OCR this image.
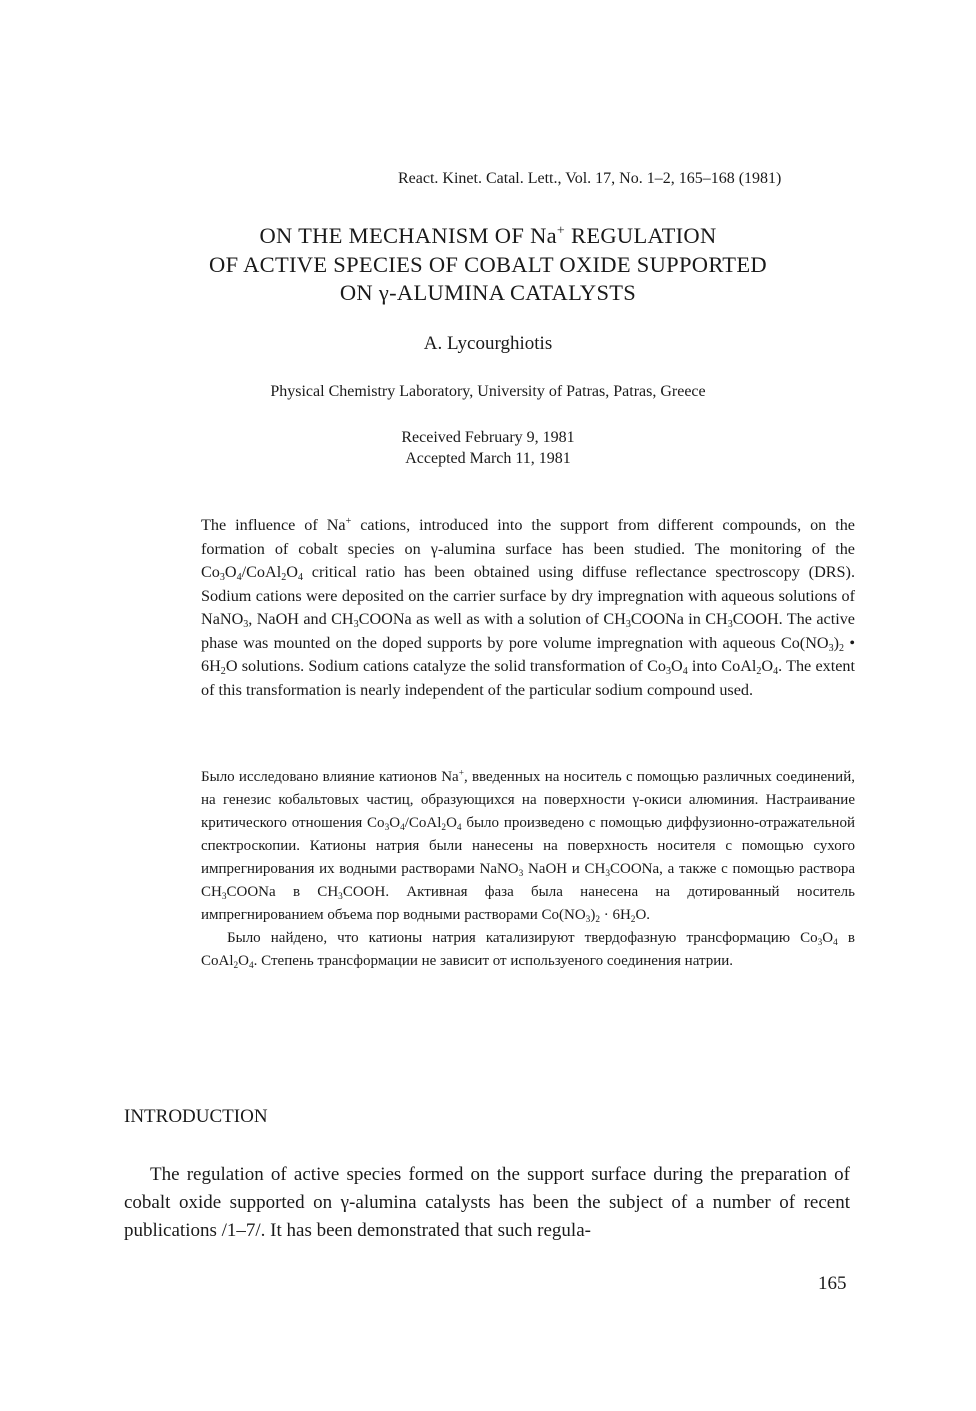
React. Kinet. Catal. Lett., Vol. 17, No. 1–2, 165–168 (1981)
ON THE MECHANISM OF Na+ REGULATION
OF ACTIVE SPECIES OF COBALT OXIDE SUPPORTED
ON γ-ALUMINA CATALYSTS
A. Lycourghiotis
Physical Chemistry Laboratory, University of Patras, Patras, Greece
Received February 9, 1981
Accepted March 11, 1981
The influence of Na+ cations, introduced into the support from different compounds, on the formation of cobalt species on γ-alumina surface has been studied. The monitoring of the $Co_3O_4/CoAl_2O_4$ critical ratio has been obtained using diffuse reflectance spectroscopy (DRS). Sodium cations were deposited on the carrier surface by dry impregnation with aqueous solutions of NaNO$_3$, NaOH and $CH_3COONa$ as well as with a solution of $CH_3COONa$ in $CH_3COOH$. The active phase was mounted on the doped supports by pore volume impregnation with aqueous $Co(NO_3)_2$ • $6H_2O$ solutions. Sodium cations catalyze the solid transformation of $Co_3O_4$ into $CoAl_2O_4$. The extent of this transformation is nearly independent of the particular sodium compound used.

Было исследовано влияние катионов Na+, введенных на носитель с помощью различных соединений, на генезис кобальтовых частиц, образующихся на поверхности γ-окиси алюминия. Настраивание критического отношения $Co_3O_4/CoAl_2O_4$ было произведено с помощью диффузионно-отражательной спектроскопии. Катионы натрия были нанесены на поверхность носителя с помощью сухого импрегнирования их водными растворами NaNO$_3$ NaOH и $CH_3COONa$, а также с помощью раствора $CH_3COONa$ в $CH_3COOH$. Активная фаза была нанесена на дотированный носитель импрегнированием объема пор водными растворами $Co(NO_3)_2 \cdot 6H_2O$.

Было найдено, что катионы натрия катализируют твердофазную трансформацию $Co_3O_4$ в $CoAl_2O_4$. Степень трансформации не зависит от используеного соединения натрии.

INTRODUCTION
The regulation of active species formed on the support surface during the preparation of cobalt oxide supported on γ-alumina catalysts has been the subject of a number of recent publications /1–7/. It has been demonstrated that such regula-
165
